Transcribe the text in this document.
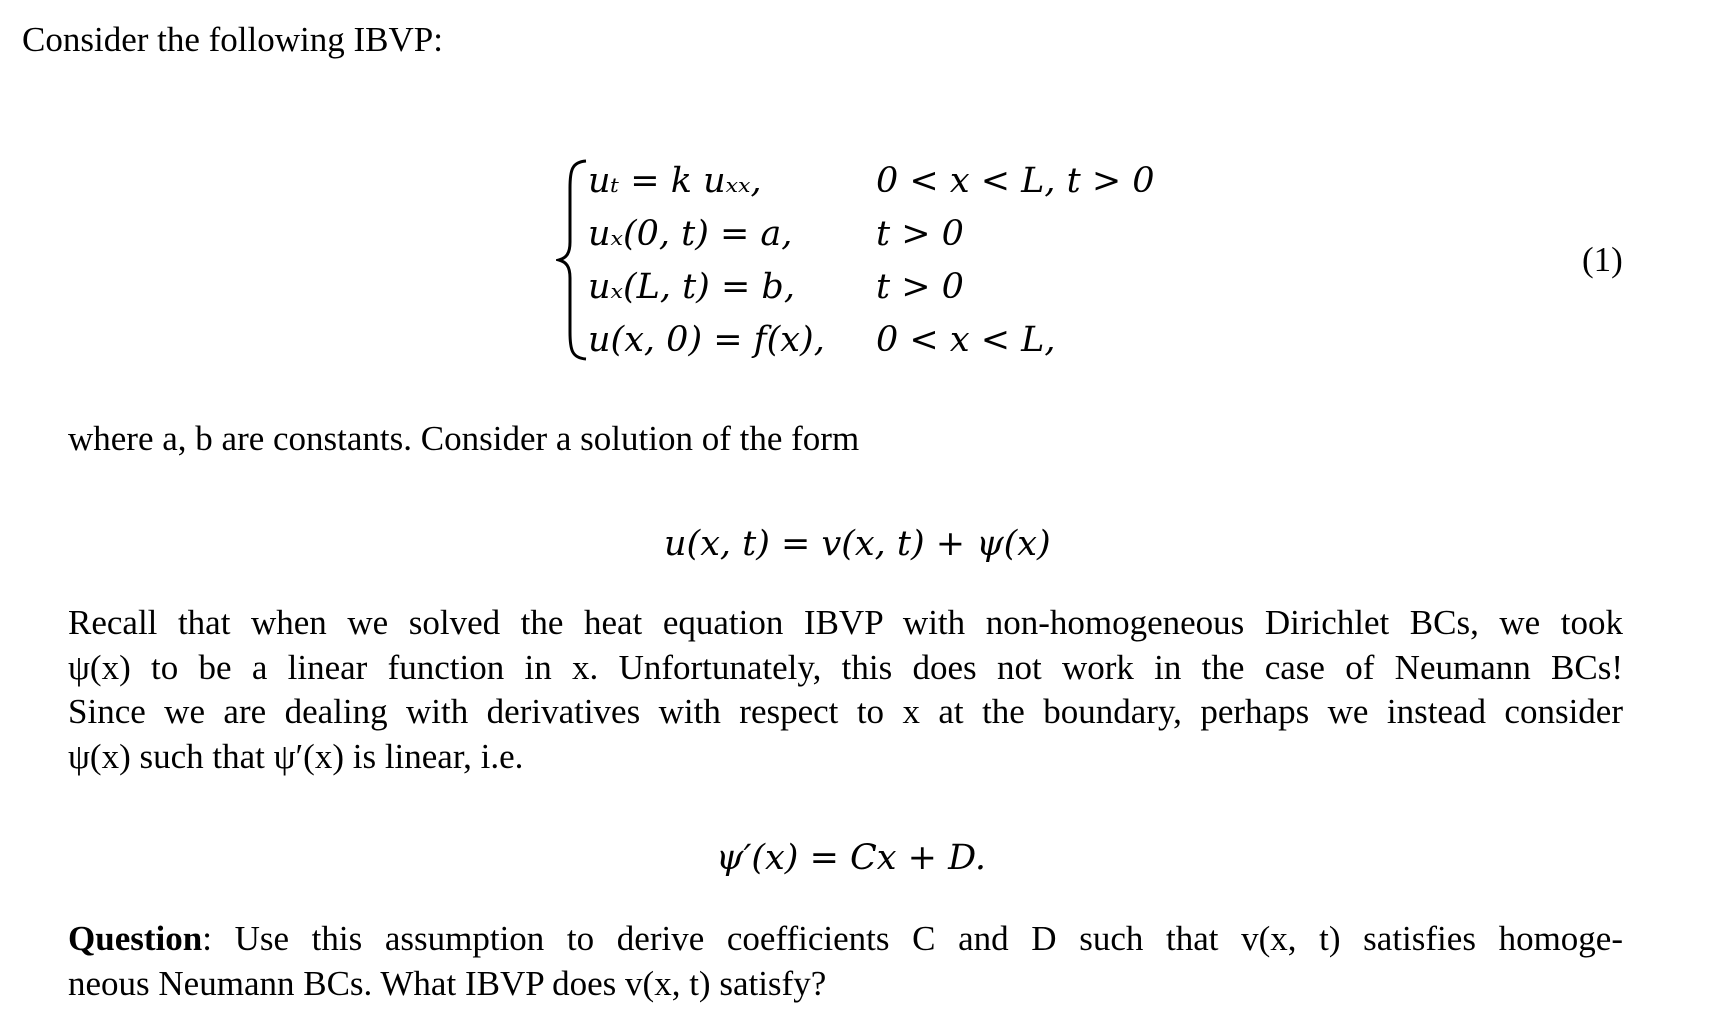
Consider the following IBVP:
uₜ = k uₓₓ,	0 < x < L, t > 0
uₓ(0, t) = a, t > 0
uₓ(L, t) = b, t > 0
u(x, 0) = f(x), 0 < x < L,
(1)
where a, b are constants. Consider a solution of the form
u(x, t) = v(x, t) + ψ(x)

Recall that when we solved the heat equation IBVP with non-homogeneous Dirichlet BCs, we took

ψ(x) to be a linear function in x. Unfortunately, this does not work in the case of Neumann BCs!

Since we are dealing with derivatives with respect to x at the boundary, perhaps we instead consider

ψ(x) such that ψ′(x) is linear, i.e.

ψ′(x) = Cx + D.

Question: Use this assumption to derive coefficients C and D such that v(x, t) satisfies homoge-

neous Neumann BCs. What IBVP does v(x, t) satisfy?
